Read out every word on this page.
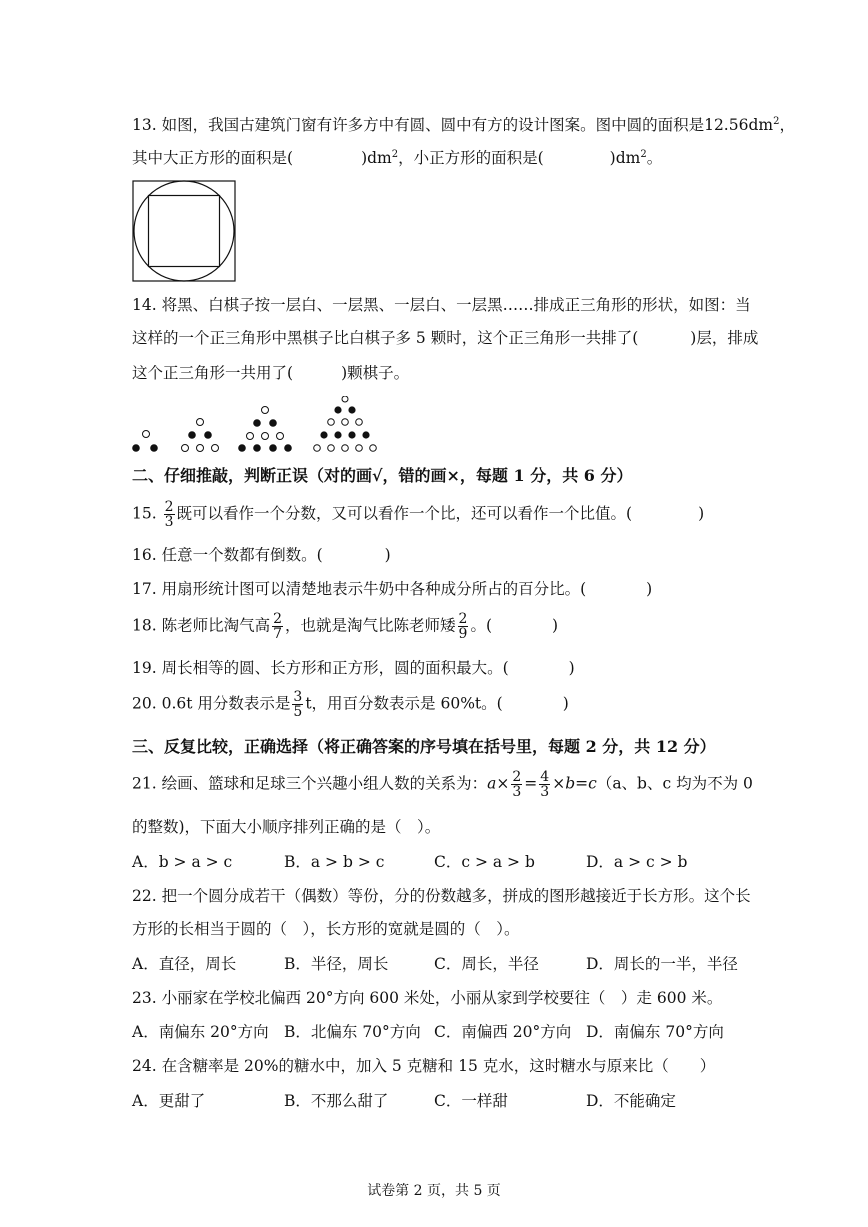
13. 如图，我国古建筑门窗有许多方中有圆、圆中有方的设计图案。图中圆的面积是$12.56dm^2$，
其中大正方形的面积是(	)$dm^2$，小正方形的面积是(	)$dm^2$。
14. 将黑、白棋子按一层白、一层黑、一层白、一层黑……排成正三角形的形状，如图：当
这样的一个正三角形中黑棋子比白棋子多 5 颗时，这个正三角形一共排了(	)层，排成
这个正三角形一共用了(	)颗棋子。
二、仔细推敲，判断正误（对的画√，错的画×，每题 1 分，共 6 分）
15. $\frac{2}{3}$ 既可以看作一个分数，又可以看作一个比，还可以看作一个比值。(	)
16. 任意一个数都有倒数。(	)
17. 用扇形统计图可以清楚地表示牛奶中各种成分所占的百分比。(	)
18. 陈老师比淘气高 $\frac{2}{7}$ ，也就是淘气比陈老师矮 $\frac{2}{9}$ 。(	)
19. 周长相等的圆、长方形和正方形，圆的面积最大。(	)
20. 0.6t 用分数表示是 $\frac{3}{5}$ t，用百分数表示是 60%t。(	)
三、反复比较，正确选择（将正确答案的序号填在括号里，每题 2 分，共 12 分）
21. 绘画、篮球和足球三个兴趣小组人数的关系为：$a\times \frac{2}{3} = \frac{4}{3} \times b=c(a$、b、c 均为不为 0
的整数)，下面大小顺序排列正确的是（　）。
A．b > a > c	B．a > b > c	C．c > a > b	D．a > c > b
22. 把一个圆分成若干（偶数）等份，分的份数越多，拼成的图形越接近于长方形。这个长
方形的长相当于圆的（　），长方形的宽就是圆的（　）。
A．直径，周长	B．半径，周长	C．周长，半径	D．周长的一半，半径
23. 小丽家在学校北偏西 20°方向 600 米处，小丽从家到学校要往（　）走 600 米。
A．南偏东 20°方向 B．北偏东 70°方向 C．南偏西 20°方向 D．南偏东 70°方向
24. 在含糖率是 20%的糖水中，加入 5 克糖和 15 克水，这时糖水与原来比（　　）
A．更甜了	B．不那么甜了	C．一样甜	D．不能确定
试卷第 2 页，共 5 页
